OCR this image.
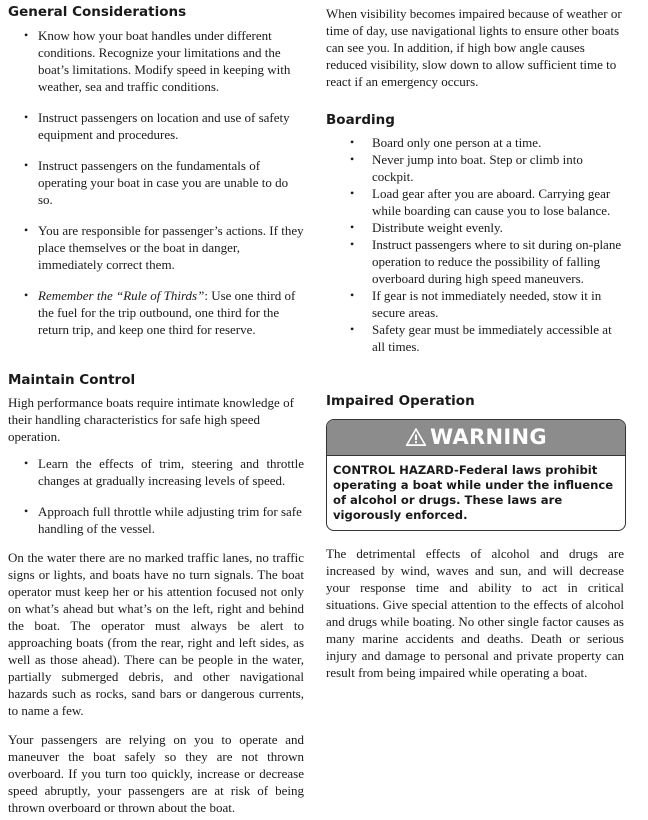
General Considerations
• Know how your boat handles under different conditions. Recognize your limitations and the boat’s limitations. Modify speed in keeping with weather, sea and traffic conditions.
• Instruct passengers on location and use of safety equipment and procedures.
• Instruct passengers on the fundamentals of operating your boat in case you are unable to do so.
• You are responsible for passenger’s actions. If they place themselves or the boat in danger, immediately correct them.
• Remember the “Rule of Thirds”: Use one third of the fuel for the trip outbound, one third for the return trip, and keep one third for reserve.
Maintain Control

High performance boats require intimate knowledge of their handling characteristics for safe high speed operation.

• Learn the effects of trim, steering and throttle changes at gradually increasing levels of speed.
• Approach full throttle while adjusting trim for safe handling of the vessel.

On the water there are no marked traffic lanes, no traffic signs or lights, and boats have no turn signals. The boat operator must keep her or his attention focused not only on what’s ahead but what’s on the left, right and behind the boat. The operator must always be alert to approaching boats (from the rear, right and left sides, as well as those ahead). There can be people in the water, partially submerged debris, and other navigational hazards such as rocks, sand bars or dangerous currents, to name a few.

Your passengers are relying on you to operate and maneuver the boat safely so they are not thrown overboard. If you turn too quickly, increase or decrease speed abruptly, your passengers are at risk of being thrown overboard or thrown about the boat.

When visibility becomes impaired because of weather or time of day, use navigational lights to ensure other boats can see you. In addition, if high bow angle causes reduced visibility, slow down to allow sufficient time to react if an emergency occurs.

Boarding
• Board only one person at a time.
• Never jump into boat. Step or climb into cockpit.
• Load gear after you are aboard. Carrying gear while boarding can cause you to lose balance.
• Distribute weight evenly.
• Instruct passengers where to sit during on-plane operation to reduce the possibility of falling overboard during high speed maneuvers.
• If gear is not immediately needed, stow it in secure areas.
• Safety gear must be immediately accessible at all times.
Impaired Operation
WARNING
CONTROL HAZARD-Federal laws prohibit operating a boat while under the influence of alcohol or drugs. These laws are vigorously enforced.

The detrimental effects of alcohol and drugs are increased by wind, waves and sun, and will decrease your response time and ability to act in critical situations. Give special attention to the effects of alcohol and drugs while boating. No other single factor causes as many marine accidents and deaths. Death or serious injury and damage to personal and private property can result from being impaired while operating a boat.
